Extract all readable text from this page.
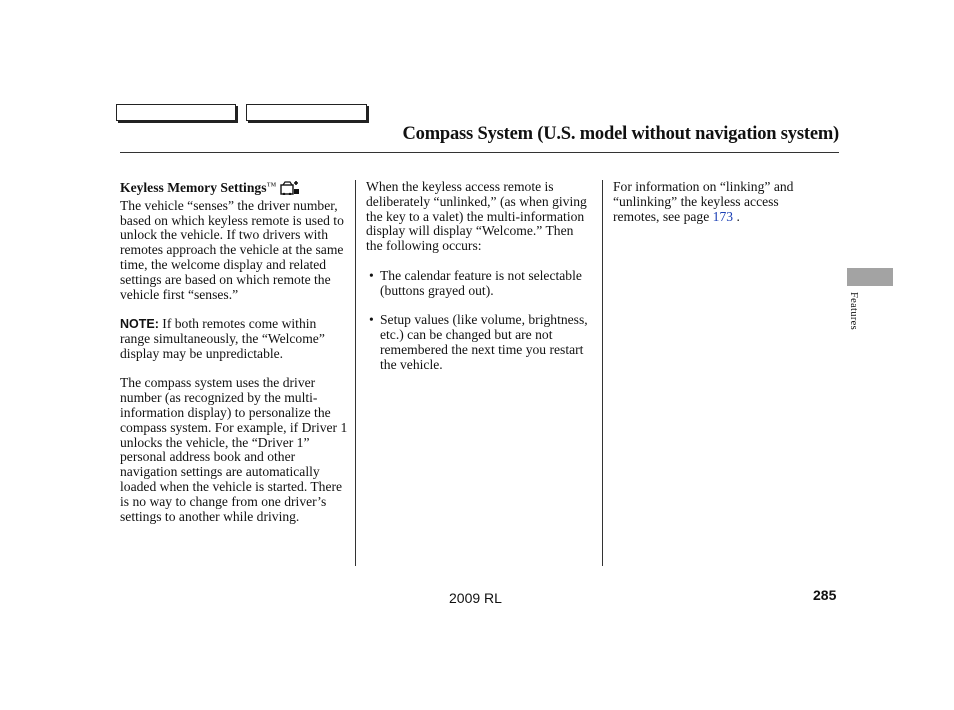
Compass System (U.S. model without navigation system)
Keyless Memory Settings™

The vehicle “senses” the driver number, based on which keyless remote is used to unlock the vehicle. If two drivers with remotes approach the vehicle at the same time, the welcome display and related settings are based on which remote the vehicle first “senses.”

NOTE: If both remotes come within range simultaneously, the “Welcome” display may be unpredictable.

The compass system uses the driver number (as recognized by the multi-information display) to personalize the compass system. For example, if Driver 1 unlocks the vehicle, the “Driver 1” personal address book and other navigation settings are automatically loaded when the vehicle is started. There is no way to change from one driver’s settings to another while driving.

When the keyless access remote is deliberately “unlinked,” (as when giving the key to a valet) the multi-information display will display “Welcome.” Then the following occurs:

• The calendar feature is not selectable (buttons grayed out).
• Setup values (like volume, brightness, etc.) can be changed but are not remembered the next time you restart the vehicle.

For information on “linking” and “unlinking” the keyless access remotes, see page 173 .

Features
2009 RL	285
